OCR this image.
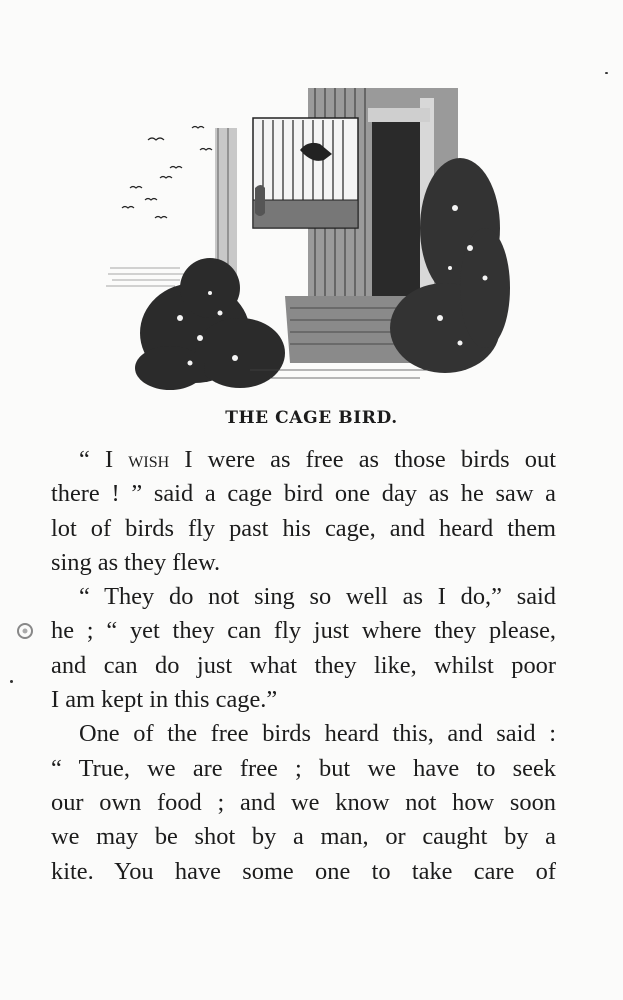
THE CAGE BIRD.
“ I wish I were as free as those birds out
there ! ” said a cage bird one day as he saw a
lot of birds fly past his cage, and heard them
sing as they flew.
“ They do not sing so well as I do,” said
he ; “ yet they can fly just where they please,
and can do just what they like, whilst poor
I am kept in this cage.”
One of the free birds heard this, and said :
“ True, we are free ; but we have to seek
our own food ; and we know not how soon
we may be shot by a man, or caught by a
kite. You have some one to take care of
